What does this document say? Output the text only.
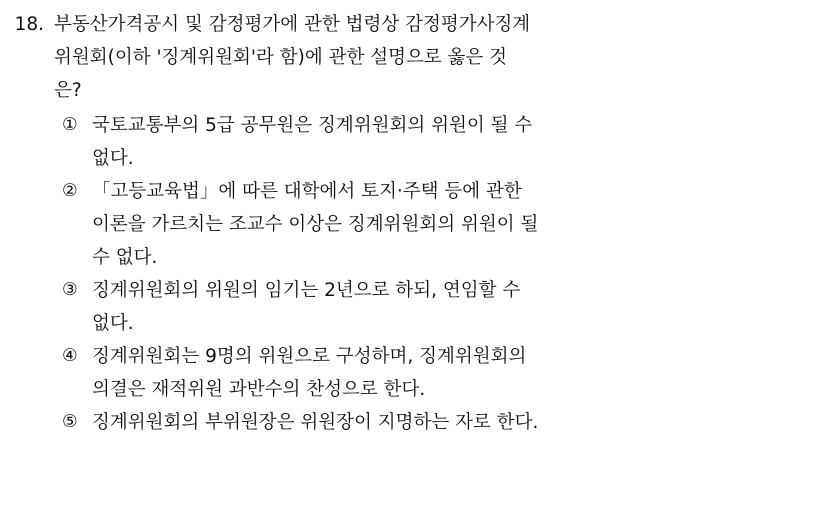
18. 부동산가격공시 및 감정평가에 관한 법령상 감정평가사징계
위원회(이하 '징계위원회'라 함)에 관한 설명으로 옳은 것
은?
① 국토교통부의 5급 공무원은 징계위원회의 위원이 될 수
없다.
② 「고등교육법」에 따른 대학에서 토지·주택 등에 관한
이론을 가르치는 조교수 이상은 징계위원회의 위원이 될
수 없다.
③ 징계위원회의 위원의 임기는 2년으로 하되, 연임할 수
없다.
④ 징계위원회는 9명의 위원으로 구성하며, 징계위원회의
의결은 재적위원 과반수의 찬성으로 한다.
⑤ 징계위원회의 부위원장은 위원장이 지명하는 자로 한다.
